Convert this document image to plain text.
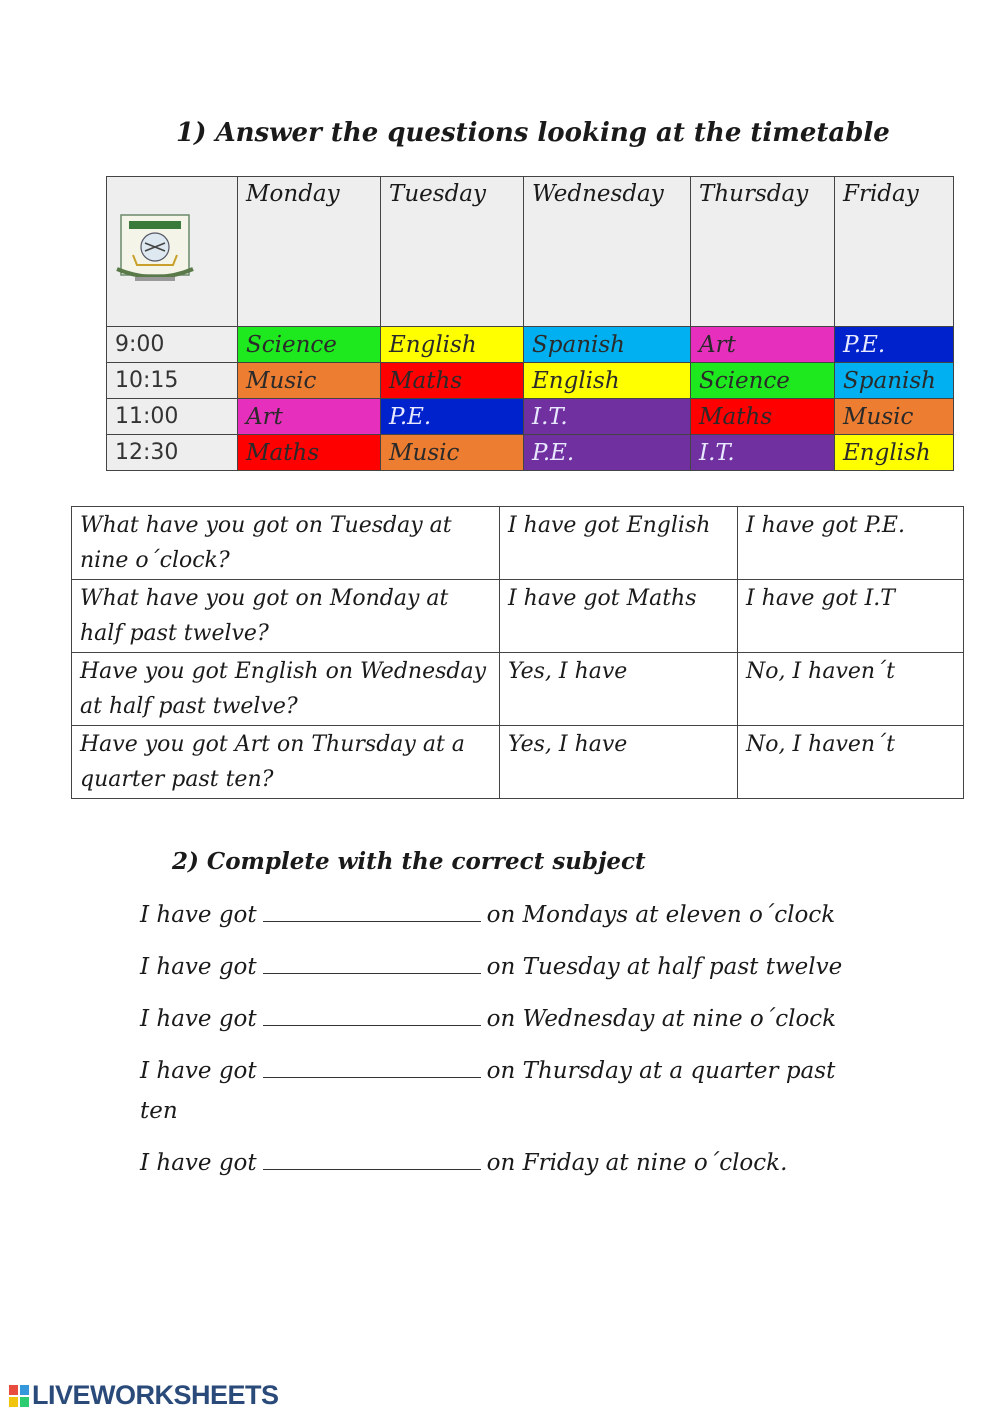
1) Answer the questions looking at the timetable
	Monday	Tuesday	Wednesday	Thursday	Friday
9:00	Science	English	Spanish	Art	P.E.
10:15	Music	Maths	English	Science	Spanish
11:00	Art	P.E.	I.T.	Maths	Music
12:30	Maths	Music	P.E.	I.T.	English
What have you got on Tuesday at nine o´clock?	I have got English	I have got P.E.
What have you got on Monday at half past twelve?	I have got Maths	I have got I.T
Have you got English on Wednesday at half past twelve?	Yes, I have	No, I haven´t
Have you got Art on Thursday at a quarter past ten?	Yes, I have	No, I haven´t
2) Complete with the correct subject
I have got	on Mondays at eleven o´clock
I have got	on Tuesday at half past twelve
I have got	on Wednesday at nine o´clock
I have got	on Thursday at a quarter past ten
I have got	on Friday at nine o´clock.
LIVEWORKSHEETS
